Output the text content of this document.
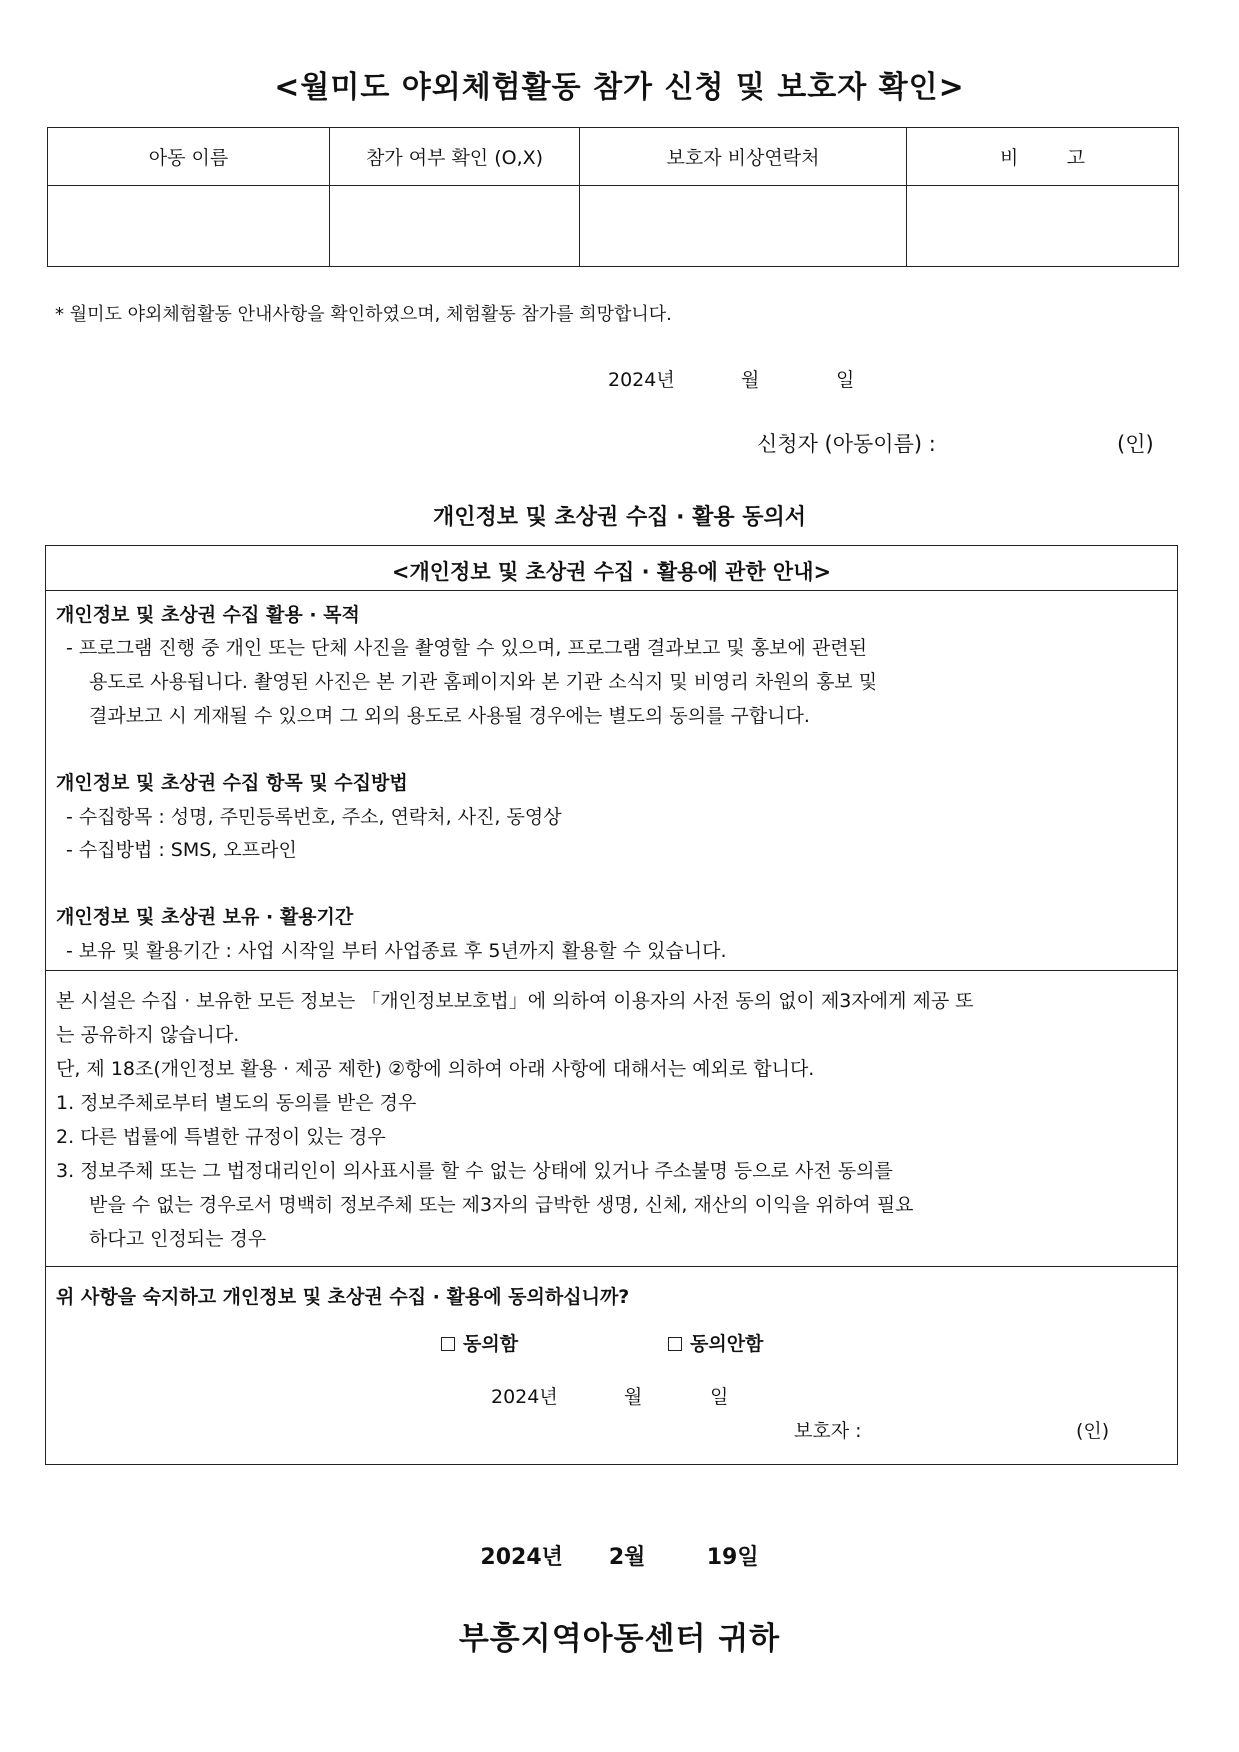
<월미도 야외체험활동 참가 신청 및 보호자 확인>
아동 이름	참가 여부 확인 (O,X)	보호자 비상연락처	비        고

* 월미도 야외체험활동 안내사항을 확인하였으며, 체험활동 참가를 희망합니다.
2024년	월	일
신청자 (아동이름) :	(인)
개인정보 및 초상권 수집 · 활용 동의서
<개인정보 및 초상권 수집 · 활용에 관한 안내>
개인정보 및 초상권 수집 활용 · 목적
- 프로그램 진행 중 개인 또는 단체 사진을 촬영할 수 있으며, 프로그램 결과보고 및 홍보에 관련된
용도로 사용됩니다. 촬영된 사진은 본 기관 홈페이지와 본 기관 소식지 및 비영리 차원의 홍보 및
결과보고 시 게재될 수 있으며 그 외의 용도로 사용될 경우에는 별도의 동의를 구합니다.
개인정보 및 초상권 수집 항목 및 수집방법
- 수집항목 : 성명, 주민등록번호, 주소, 연락처, 사진, 동영상
- 수집방법 : SMS, 오프라인
개인정보 및 초상권 보유 · 활용기간
- 보유 및 활용기간 : 사업 시작일 부터 사업종료 후 5년까지 활용할 수 있습니다.
본 시설은 수집 · 보유한 모든 정보는 「개인정보보호법」에 의하여 이용자의 사전 동의 없이 제3자에게 제공 또
는 공유하지 않습니다.
단, 제 18조(개인정보 활용 · 제공 제한) ②항에 의하여 아래 사항에 대해서는 예외로 합니다.
1. 정보주체로부터 별도의 동의를 받은 경우
2. 다른 법률에 특별한 규정이 있는 경우
3. 정보주체 또는 그 법정대리인이 의사표시를 할 수 없는 상태에 있거나 주소불명 등으로 사전 동의를
받을 수 없는 경우로서 명백히 정보주체 또는 제3자의 급박한 생명, 신체, 재산의 이익을 위하여 필요
하다고 인정되는 경우
위 사항을 숙지하고 개인정보 및 초상권 수집 · 활용에 동의하십니까?
동의함	동의안함
2024년	월	일
보호자 :	(인)
2024년 2월	19일
부흥지역아동센터 귀하
